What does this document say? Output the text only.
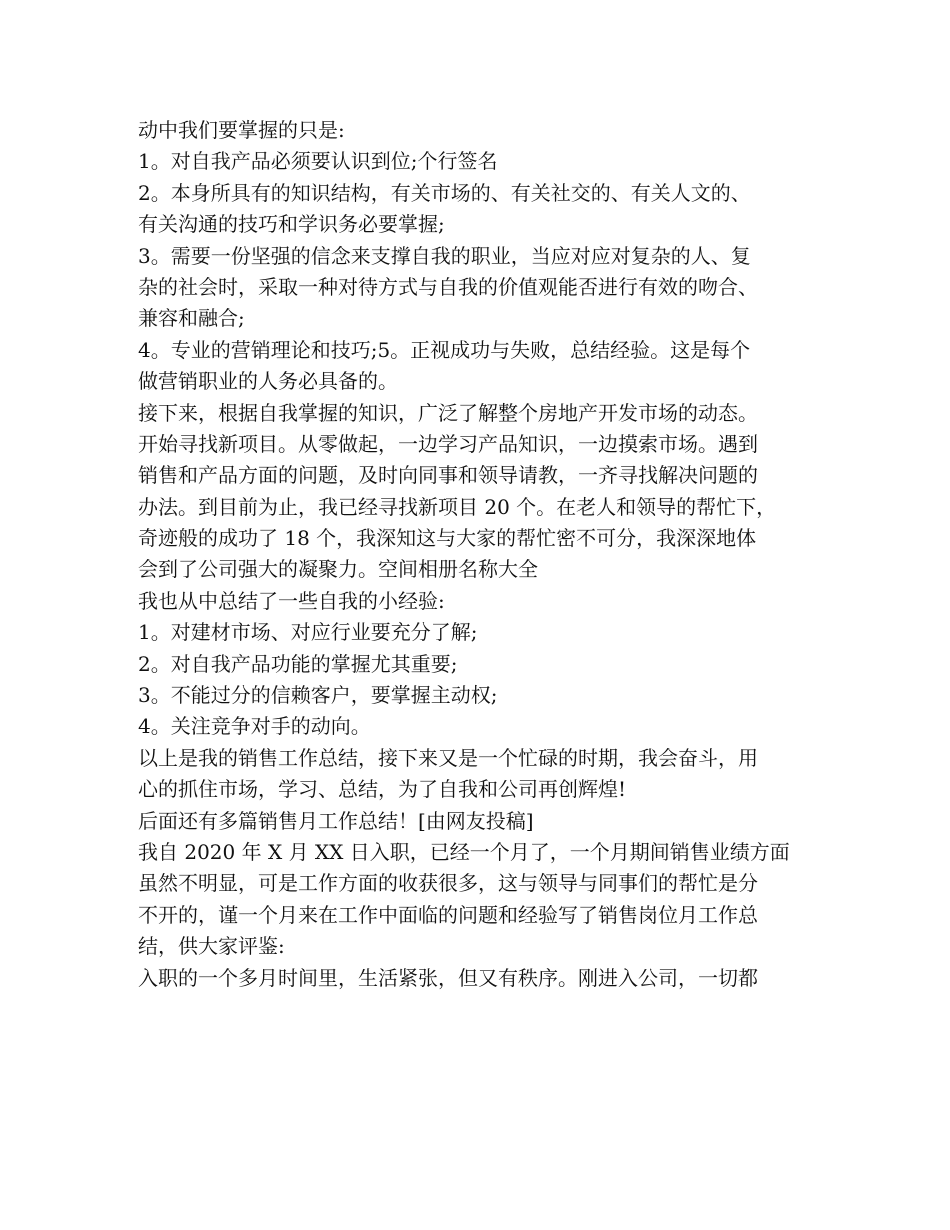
动中我们要掌握的只是:
1。对自我产品必须要认识到位;个行签名
2。本身所具有的知识结构，有关市场的、有关社交的、有关人文的、
有关沟通的技巧和学识务必要掌握;
3。需要一份坚强的信念来支撑自我的职业，当应对应对复杂的人、复
杂的社会时，采取一种对待方式与自我的价值观能否进行有效的吻合、
兼容和融合;
4。专业的营销理论和技巧;5。正视成功与失败，总结经验。这是每个
做营销职业的人务必具备的。
接下来，根据自我掌握的知识，广泛了解整个房地产开发市场的动态。
开始寻找新项目。从零做起，一边学习产品知识，一边摸索市场。遇到
销售和产品方面的问题，及时向同事和领导请教，一齐寻找解决问题的
办法。到目前为止，我已经寻找新项目 20 个。在老人和领导的帮忙下，
奇迹般的成功了 18 个，我深知这与大家的帮忙密不可分，我深深地体
会到了公司强大的凝聚力。空间相册名称大全
我也从中总结了一些自我的小经验:
1。对建材市场、对应行业要充分了解;
2。对自我产品功能的掌握尤其重要;
3。不能过分的信赖客户，要掌握主动权;
4。关注竞争对手的动向。
以上是我的销售工作总结，接下来又是一个忙碌的时期，我会奋斗，用
心的抓住市场，学习、总结，为了自我和公司再创辉煌!
后面还有多篇销售月工作总结！[由网友投稿]
我自 2020 年 X 月 XX 日入职，已经一个月了，一个月期间销售业绩方面
虽然不明显，可是工作方面的收获很多，这与领导与同事们的帮忙是分
不开的，谨一个月来在工作中面临的问题和经验写了销售岗位月工作总
结，供大家评鉴:
入职的一个多月时间里，生活紧张，但又有秩序。刚进入公司，一切都
